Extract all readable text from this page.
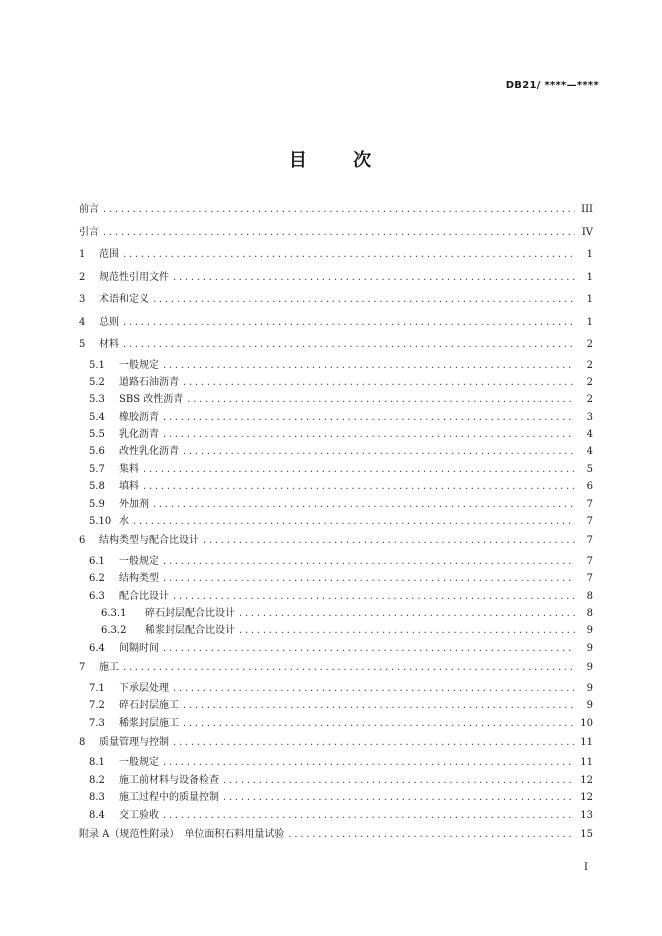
DB21/ ****—****
目 次
前言 . . .	III
引言 . . .	IV
1	范围 . . .	1
2	规范性引用文件 . . .	1
3	术语和定义 . . .	1
4	总则 . . .	1
5	材料 . . .	2
5.1	一般规定 . . .	2
5.2	道路石油沥青 . . .	2
5.3	SBS 改性沥青 . . .	2
5.4	橡胶沥青 . . .	3
5.5	乳化沥青 . . .	4
5.6	改性乳化沥青 . . .	4
5.7	集料 . . .	5
5.8	填料 . . .	6
5.9	外加剂 . . .	7
5.10 水 . . .	7
6	结构类型与配合比设计 . . .	7
6.1	一般规定 . . .	7
6.2	结构类型 . . .	7
6.3	配合比设计 . . .	8
6.3.1	碎石封层配合比设计 . . .	8
6.3.2	稀浆封层配合比设计 . . .	9
6.4	间隔时间 . . .	9
7	施工 . . .	9
7.1	下承层处理 . . .	9
7.2	碎石封层施工 . . .	9
7.3	稀浆封层施工 . . .	10
8	质量管理与控制 . . .	11
8.1	一般规定 . . .	11
8.2	施工前材料与设备检查 . . .	12
8.3	施工过程中的质量控制 . . .	12
8.4	交工验收 . . .	13
附录 A（规范性附录）　单位面积石料用量试验 . . .	15
I
